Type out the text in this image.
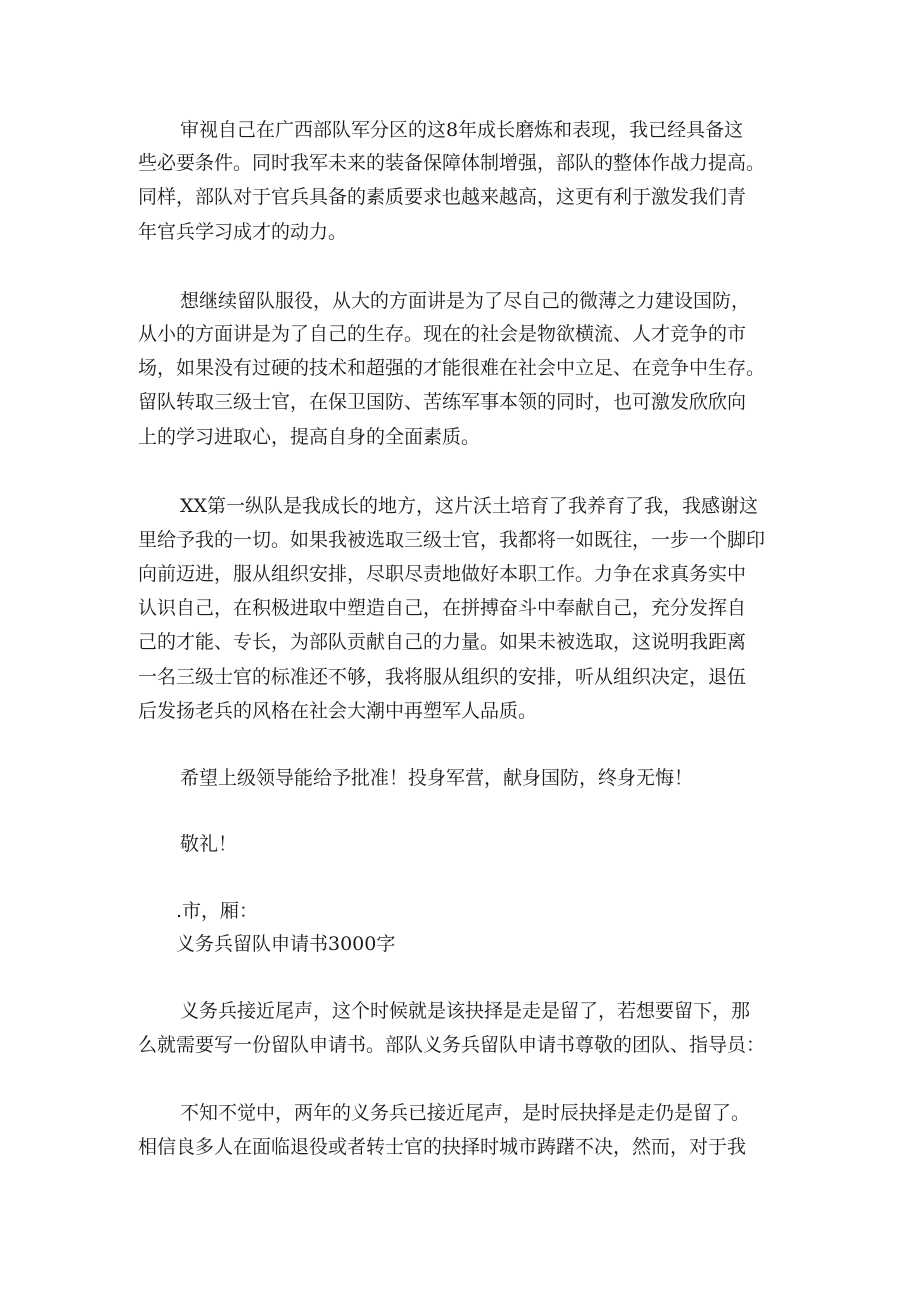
审视自己在广西部队军分区的这8年成长磨炼和表现，我已经具备这
些必要条件。同时我军未来的装备保障体制增强，部队的整体作战力提高。
同样，部队对于官兵具备的素质要求也越来越高，这更有利于激发我们青
年官兵学习成才的动力。
想继续留队服役，从大的方面讲是为了尽自己的微薄之力建设国防，
从小的方面讲是为了自己的生存。现在的社会是物欲横流、人才竞争的市
场，如果没有过硬的技术和超强的才能很难在社会中立足、在竞争中生存。
留队转取三级士官，在保卫国防、苦练军事本领的同时，也可激发欣欣向
上的学习进取心，提高自身的全面素质。
XX第一纵队是我成长的地方，这片沃土培育了我养育了我，我感谢这
里给予我的一切。如果我被选取三级士官，我都将一如既往，一步一个脚印
向前迈进，服从组织安排，尽职尽责地做好本职工作。力争在求真务实中
认识自己，在积极进取中塑造自己，在拼搏奋斗中奉献自己，充分发挥自
己的才能、专长，为部队贡献自己的力量。如果未被选取，这说明我距离
一名三级士官的标准还不够，我将服从组织的安排，听从组织决定，退伍
后发扬老兵的风格在社会大潮中再塑军人品质。
希望上级领导能给予批准！投身军营，献身国防，终身无悔！
敬礼！
.市，厢：
义务兵留队申请书3000字
义务兵接近尾声，这个时候就是该抉择是走是留了，若想要留下，那
么就需要写一份留队申请书。部队义务兵留队申请书尊敬的团队、指导员：
不知不觉中，两年的义务兵已接近尾声，是时辰抉择是走仍是留了。
相信良多人在面临退役或者转士官的抉择时城市踌躇不决，然而，对于我
